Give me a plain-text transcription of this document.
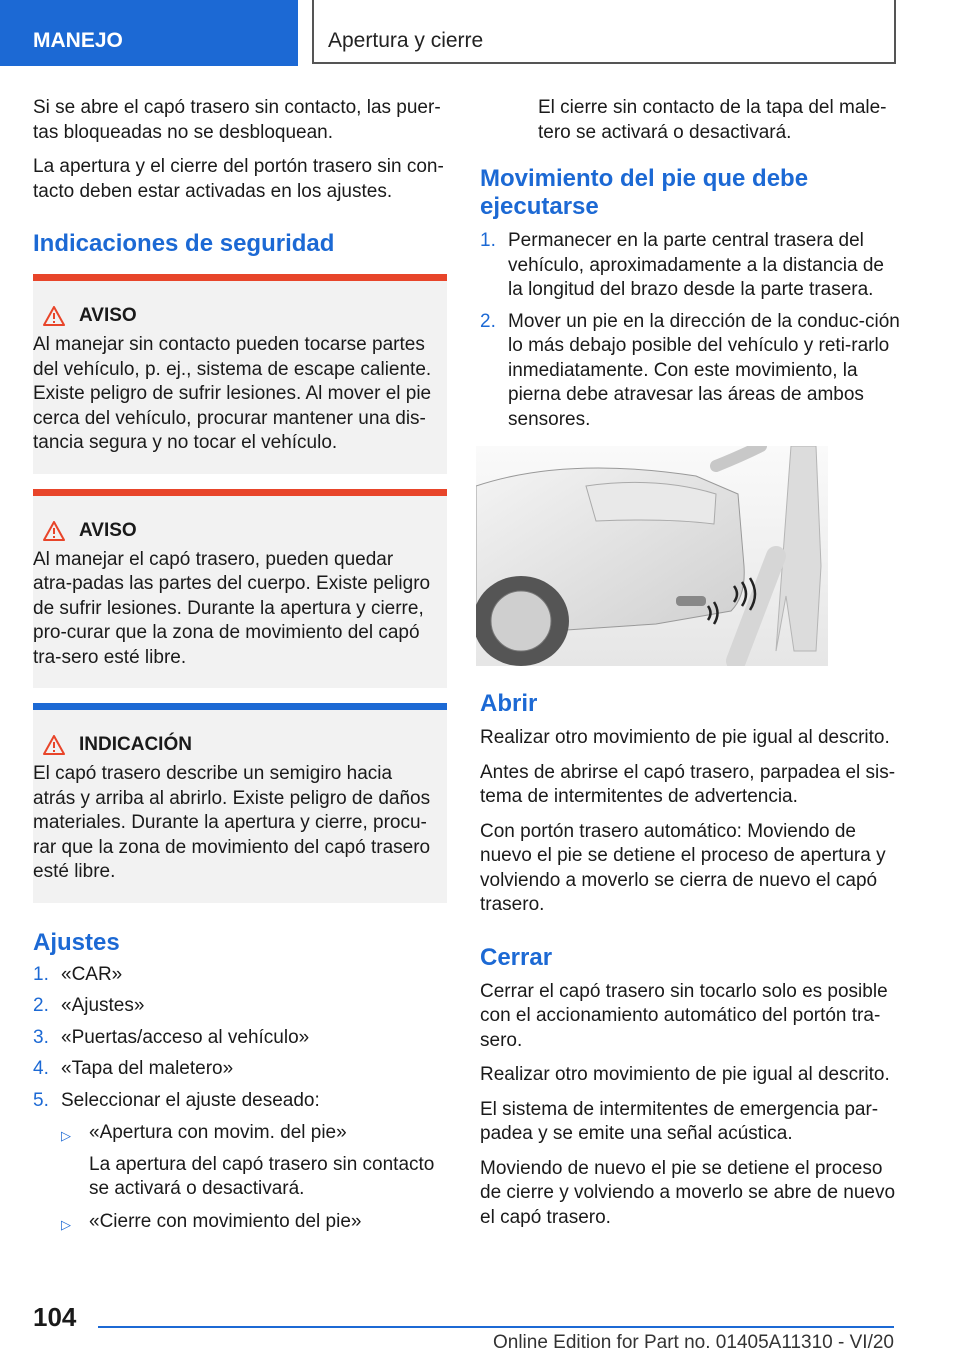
MANEJO	Apertura y cierre

Si se abre el capó trasero sin contacto, las puer-tas bloqueadas no se desbloquean.

La apertura y el cierre del portón trasero sin con-tacto deben estar activadas en los ajustes.

Indicaciones de seguridad
AVISO

Al manejar sin contacto pueden tocarse partes del vehículo, p. ej., sistema de escape caliente. Existe peligro de sufrir lesiones. Al mover el pie cerca del vehículo, procurar mantener una dis-tancia segura y no tocar el vehículo.

AVISO

Al manejar el capó trasero, pueden quedar atra-padas las partes del cuerpo. Existe peligro de sufrir lesiones. Durante la apertura y cierre, pro-curar que la zona de movimiento del capó tra-sero esté libre.

INDICACIÓN

El capó trasero describe un semigiro hacia atrás y arriba al abrirlo. Existe peligro de daños materiales. Durante la apertura y cierre, procu-rar que la zona de movimiento del capó trasero esté libre.

Ajustes
1. «CAR»
2. «Ajustes»
3. «Puertas/acceso al vehículo»
4. «Tapa del maletero»
5. Seleccionar el ajuste deseado:
▷ «Apertura con movim. del pie»
La apertura del capó trasero sin contacto se activará o desactivará.
▷ «Cierre con movimiento del pie»

El cierre sin contacto de la tapa del male-tero se activará o desactivará.

Movimiento del pie que debe ejecutarse
1. Permanecer en la parte central trasera del vehículo, aproximadamente a la distancia de la longitud del brazo desde la parte trasera.
2. Mover un pie en la dirección de la conduc-ción lo más debajo posible del vehículo y reti-rarlo inmediatamente. Con este movimiento, la pierna debe atravesar las áreas de ambos sensores.
Abrir

Realizar otro movimiento de pie igual al descrito.

Antes de abrirse el capó trasero, parpadea el sis-tema de intermitentes de advertencia.

Con portón trasero automático: Moviendo de nuevo el pie se detiene el proceso de apertura y volviendo a moverlo se cierra de nuevo el capó trasero.

Cerrar

Cerrar el capó trasero sin tocarlo solo es posible con el accionamiento automático del portón tra-sero.

Realizar otro movimiento de pie igual al descrito.

El sistema de intermitentes de emergencia par-padea y se emite una señal acústica.

Moviendo de nuevo el pie se detiene el proceso de cierre y volviendo a moverlo se abre de nuevo el capó trasero.

104
Online Edition for Part no. 01405A11310 - VI/20
